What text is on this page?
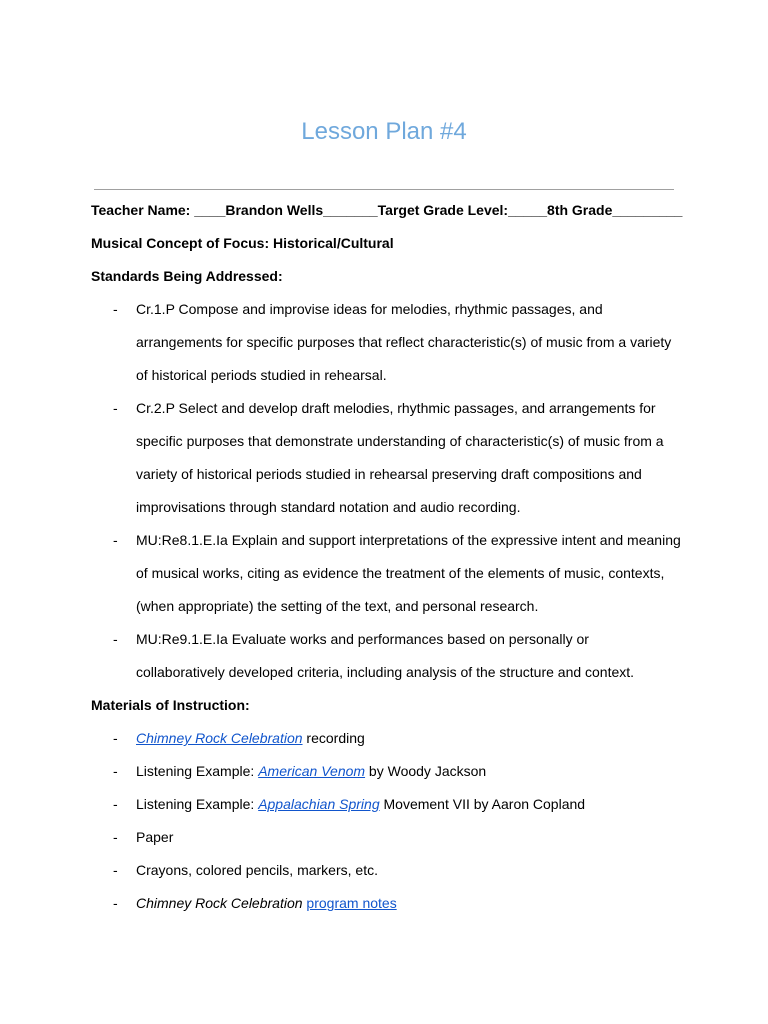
Lesson Plan #4

Teacher Name: ____Brandon Wells_______Target Grade Level:_____8th Grade_________

Musical Concept of Focus: Historical/Cultural

Standards Being Addressed:

- Cr.1.P Compose and improvise ideas for melodies, rhythmic passages, and arrangements for specific purposes that reflect characteristic(s) of music from a variety of historical periods studied in rehearsal.
- Cr.2.P Select and develop draft melodies, rhythmic passages, and arrangements for specific purposes that demonstrate understanding of characteristic(s) of music from a variety of historical periods studied in rehearsal preserving draft compositions and improvisations through standard notation and audio recording.
- MU:Re8.1.E.Ia Explain and support interpretations of the expressive intent and meaning of musical works, citing as evidence the treatment of the elements of music, contexts, (when appropriate) the setting of the text, and personal research.
- MU:Re9.1.E.Ia Evaluate works and performances based on personally or collaboratively developed criteria, including analysis of the structure and context.

Materials of Instruction:

- Chimney Rock Celebration recording
- Listening Example: American Venom by Woody Jackson
- Listening Example: Appalachian Spring Movement VII by Aaron Copland
- Paper
- Crayons, colored pencils, markers, etc.
- Chimney Rock Celebration program notes
